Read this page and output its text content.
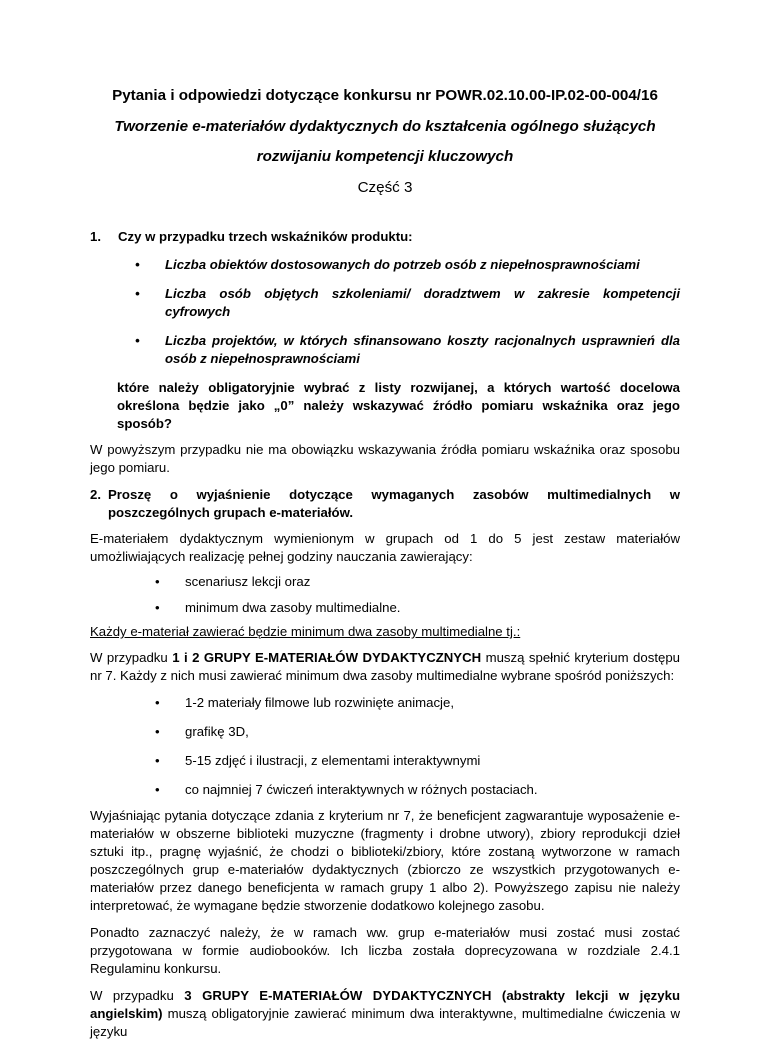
Pytania i odpowiedzi dotyczące konkursu nr POWR.02.10.00-IP.02-00-004/16

Tworzenie e-materiałów dydaktycznych do kształcenia ogólnego służących
rozwijaniu kompetencji kluczowych

Część 3

1.	Czy w przypadku trzech wskaźników produktu:
• Liczba obiektów dostosowanych do potrzeb osób z niepełnosprawnościami
• Liczba osób objętych szkoleniami/ doradztwem w zakresie kompetencji cyfrowych
• Liczba projektów, w których sfinansowano koszty racjonalnych usprawnień dla osób z niepełnosprawnościami

które należy obligatoryjnie wybrać z listy rozwijanej, a których wartość docelowa określona będzie jako „0” należy wskazywać źródło pomiaru wskaźnika oraz jego sposób?

W powyższym przypadku nie ma obowiązku wskazywania źródła pomiaru wskaźnika oraz sposobu jego pomiaru.

2. Proszę o wyjaśnienie dotyczące wymaganych zasobów multimedialnych w poszczególnych grupach e-materiałów.

E-materiałem dydaktycznym wymienionym w grupach od 1 do 5 jest zestaw materiałów umożliwiających realizację pełnej godziny nauczania zawierający:

• scenariusz lekcji oraz
• minimum dwa zasoby multimedialne.

Każdy e-materiał zawierać będzie minimum dwa zasoby multimedialne tj.:

W przypadku 1 i 2 GRUPY E-MATERIAŁÓW DYDAKTYCZNYCH muszą spełnić kryterium dostępu nr 7. Każdy z nich musi zawierać minimum dwa zasoby multimedialne wybrane spośród poniższych:

• 1-2 materiały filmowe lub rozwinięte animacje,
• grafikę 3D,
• 5-15 zdjęć i ilustracji, z elementami interaktywnymi
• co najmniej 7 ćwiczeń interaktywnych w różnych postaciach.

Wyjaśniając pytania dotyczące zdania z kryterium nr 7, że beneficjent zagwarantuje wyposażenie e-materiałów w obszerne biblioteki muzyczne (fragmenty i drobne utwory), zbiory reprodukcji dzieł sztuki itp., pragnę wyjaśnić, że chodzi o biblioteki/zbiory, które zostaną wytworzone w ramach poszczególnych grup e-materiałów dydaktycznych (zbiorczo ze wszystkich przygotowanych e-materiałów przez danego beneficjenta w ramach grupy 1 albo 2). Powyższego zapisu nie należy interpretować, że wymagane będzie stworzenie dodatkowo kolejnego zasobu.

Ponadto zaznaczyć należy, że w ramach ww. grup e-materiałów musi zostać musi zostać przygotowana w formie audiobooków. Ich liczba została doprecyzowana w rozdziale 2.4.1 Regulaminu konkursu.

W przypadku 3 GRUPY E-MATERIAŁÓW DYDAKTYCZNYCH (abstrakty lekcji w języku angielskim) muszą obligatoryjnie zawierać minimum dwa interaktywne, multimedialne ćwiczenia w języku
